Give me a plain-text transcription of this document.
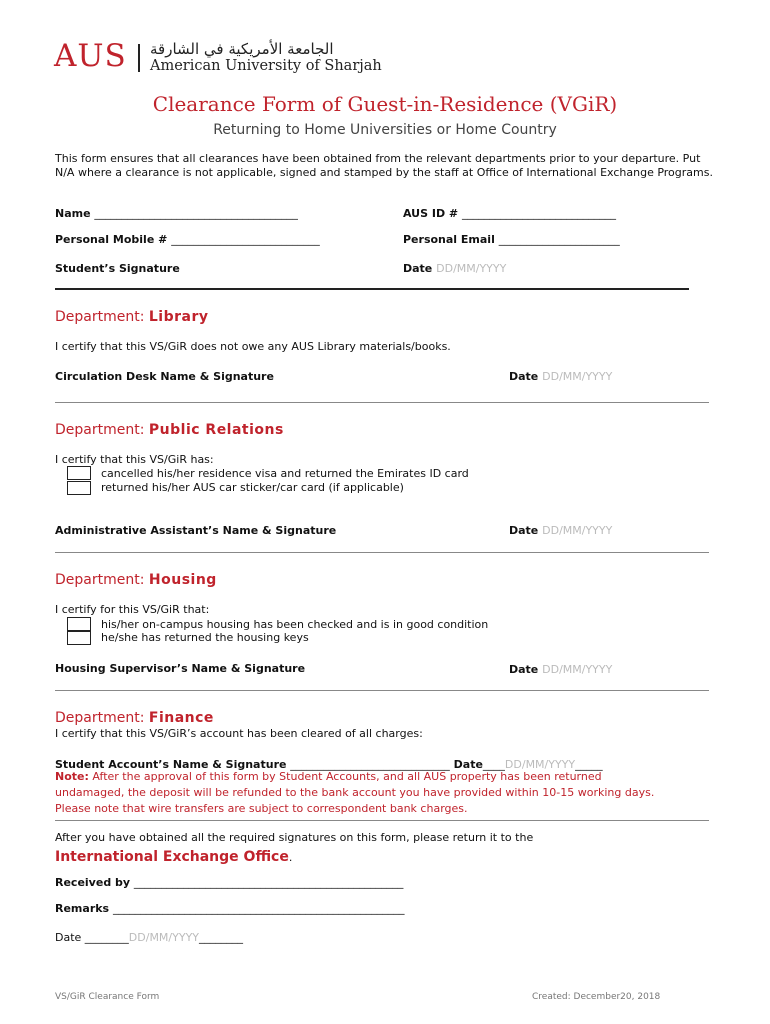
AUS الجامعة الأمريكية في الشارقة
American University of Sharjah
Clearance Form of Guest-in-Residence (VGiR)
Returning to Home Universities or Home Country
This form ensures that all clearances have been obtained from the relevant departments prior to your departure. Put N/A where a clearance is not applicable, signed and stamped by the staff at Office of International Exchange Programs.
Name _____________________________________	AUS ID # ____________________________
Personal Mobile # ___________________________	Personal Email ______________________
Student’s Signature	Date DD/MM/YYYY
Department: Library
I certify that this VS/GiR does not owe any AUS Library materials/books.
Circulation Desk Name & Signature	Date DD/MM/YYYY
Department: Public Relations
I certify that this VS/GiR has:
cancelled his/her residence visa and returned the Emirates ID card
returned his/her AUS car sticker/car card (if applicable)
Administrative Assistant’s Name & Signature	Date DD/MM/YYYY
Department: Housing
I certify for this VS/GiR that:
his/her on-campus housing has been checked and is in good condition
he/she has returned the housing keys
Housing Supervisor’s Name & Signature	Date DD/MM/YYYY
Department: Finance
I certify that this VS/GiR’s account has been cleared of all charges:
Student Account’s Name & Signature _____________________________ Date____DD/MM/YYYY_____
Note: After the approval of this form by Student Accounts, and all AUS property has been returned
undamaged, the deposit will be refunded to the bank account you have provided within 10-15 working days.
Please note that wire transfers are subject to correspondent bank charges.
After you have obtained all the required signatures on this form, please return it to the
International Exchange Office.
Received by _________________________________________________
Remarks _____________________________________________________
Date ________DD/MM/YYYY________
VS/GiR Clearance Form	Created: December20, 2018
